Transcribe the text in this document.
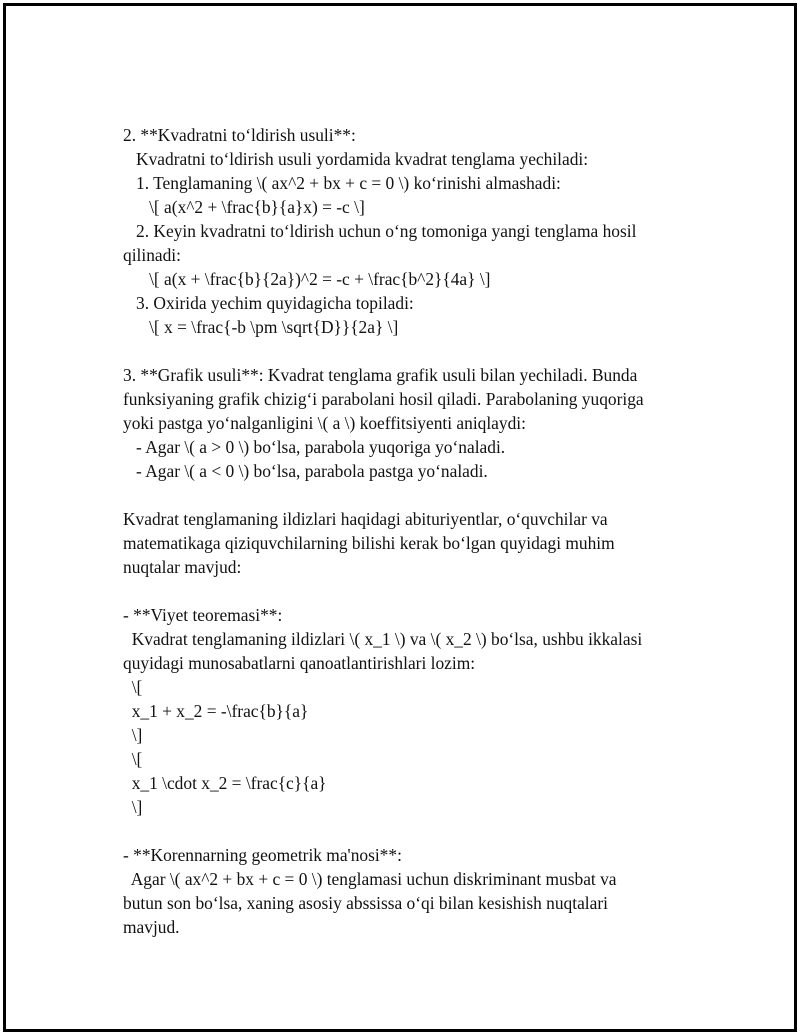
2. **Kvadratni to‘ldirish usuli**:
Kvadratni to‘ldirish usuli yordamida kvadrat tenglama yechiladi:
1. Tenglamaning \( ax^2 + bx + c = 0 \) ko‘rinishi almashadi:
\[ a(x^2 + \frac{b}{a}x) = -c \]
2. Keyin kvadratni to‘ldirish uchun o‘ng tomoniga yangi tenglama hosil
qilinadi:
\[ a(x + \frac{b}{2a})^2 = -c + \frac{b^2}{4a} \]
3. Oxirida yechim quyidagicha topiladi:
\[ x = \frac{-b \pm \sqrt{D}}{2a} \]
3. **Grafik usuli**: Kvadrat tenglama grafik usuli bilan yechiladi. Bunda
funksiyaning grafik chizig‘i parabolani hosil qiladi. Parabolaning yuqoriga
yoki pastga yo‘nalganligini \( a \) koeffitsiyenti aniqlaydi:
- Agar \( a > 0 \) bo‘lsa, parabola yuqoriga yo‘naladi.
- Agar \( a < 0 \) bo‘lsa, parabola pastga yo‘naladi.
Kvadrat tenglamaning ildizlari haqidagi abituriyentlar, o‘quvchilar va
matematikaga qiziquvchilarning bilishi kerak bo‘lgan quyidagi muhim
nuqtalar mavjud:
- **Viyet teoremasi**:
Kvadrat tenglamaning ildizlari \( x_1 \) va \( x_2 \) bo‘lsa, ushbu ikkalasi
quyidagi munosabatlarni qanoatlantirishlari lozim:
\[
x_1 + x_2 = -\frac{b}{a}
\]
\[
x_1 \cdot x_2 = \frac{c}{a}
\]
- **Korennarning geometrik ma'nosi**:
Agar \( ax^2 + bx + c = 0 \) tenglamasi uchun diskriminant musbat va
butun son bo‘lsa, xaning asosiy abssissa o‘qi bilan kesishish nuqtalari
mavjud.
